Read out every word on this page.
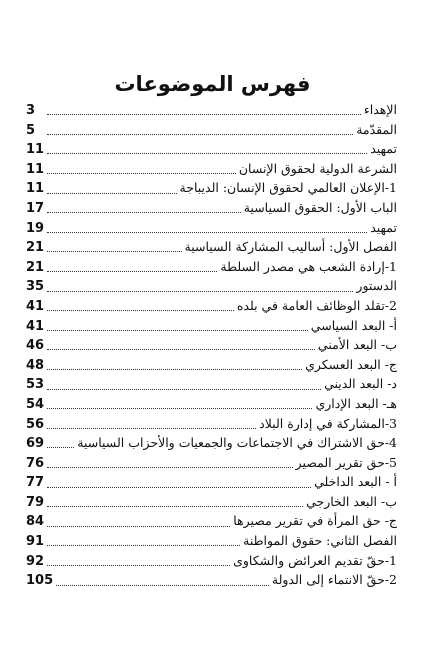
فهرس الموضوعات
الإهداء
3
المقدّمة
5
تمهيد
11
الشرعة الدولية لحقوق الإنسان
11
1-الإعلان العالمي لحقوق الإنسان: الديباجة
11
الباب الأول: الحقوق السياسية
17
تمهيد
19
الفصل الأول: أساليب المشاركة السياسية
21
1-إرادة الشعب هي مصدر السلطة
21
الدستور
35
2-تقلد الوظائف العامة في بلده
41
أ- البعد السياسي
41
ب- البعد الأمني
46
ج- البعد العسكري
48
د- البعد الديني
53
هـ- البعد الإداري
54
3-المشاركة في إدارة البلاد
56
4-حق الاشتراك في الاجتماعات والجمعيات والأحزاب السياسية
69
5-حق تقرير المصير
76
أ - البعد الداخلي
77
ب- البعد الخارجي
79
ج- حق المرأة في تقرير مصيرها
84
الفصل الثاني: حقوق المواطنة
91
1-حقّ تقديم العرائض والشكاوى
92
2-حقّ الانتماء إلى الدولة
105
